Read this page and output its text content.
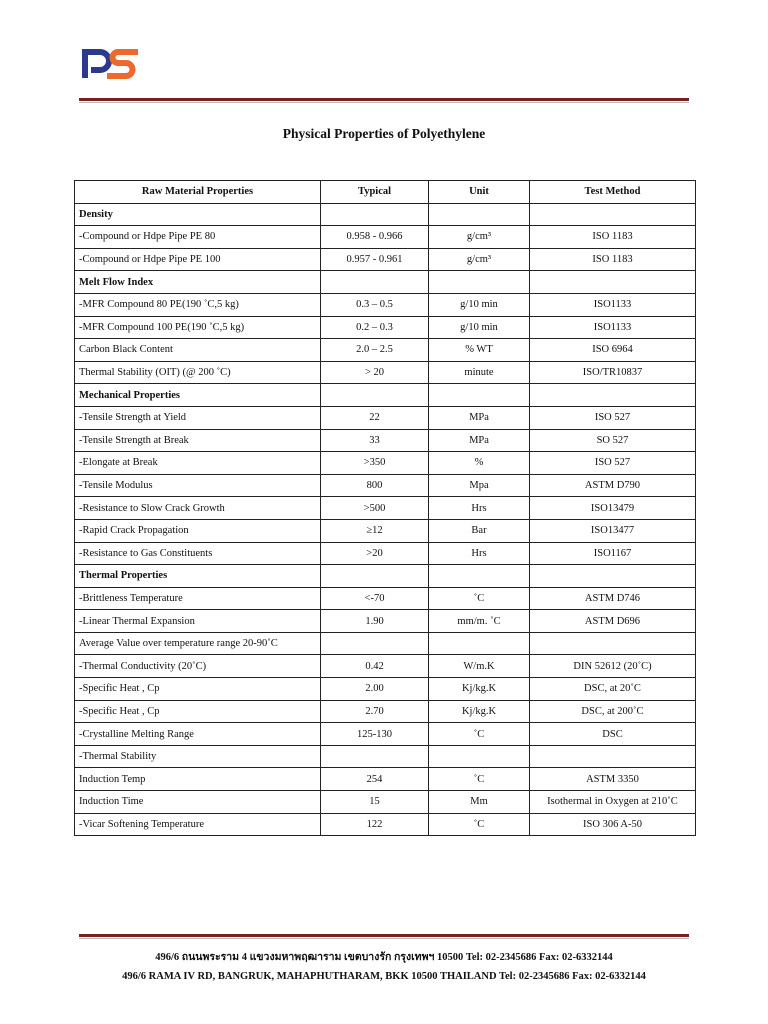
Physical Properties of Polyethylene
Raw Material Properties	Typical	Unit	Test Method
Density			
-Compound or Hdpe Pipe PE 80	0.958 - 0.966	g/cm³	ISO 1183
-Compound or Hdpe Pipe PE 100	0.957 - 0.961	g/cm³	ISO 1183
Melt Flow Index			
-MFR Compound 80 PE(190 ˚C,5 kg)	0.3 – 0.5	g/10 min	ISO1133
-MFR Compound 100 PE(190 ˚C,5 kg)	0.2 – 0.3	g/10 min	ISO1133
Carbon Black Content	2.0 – 2.5	% WT	ISO 6964
Thermal Stability (OIT) (@ 200 ˚C)	> 20	minute	ISO/TR10837
Mechanical Properties			
-Tensile Strength at Yield	22	MPa	ISO 527
-Tensile Strength at Break	33	MPa	SO 527
-Elongate at Break	>350	%	ISO 527
-Tensile Modulus	800	Mpa	ASTM D790
-Resistance to Slow Crack Growth	>500	Hrs	ISO13479
-Rapid Crack Propagation	≥12	Bar	ISO13477
-Resistance to Gas Constituents	>20	Hrs	ISO1167
Thermal Properties			
-Brittleness Temperature	<-70	˚C	ASTM D746
-Linear Thermal Expansion	1.90	mm/m. ˚C	ASTM D696
Average Value over temperature range 20-90˚C			
-Thermal Conductivity (20˚C)	0.42	W/m.K	DIN 52612 (20˚C)
-Specific Heat , Cp	2.00	Kj/kg.K	DSC, at 20˚C
-Specific Heat , Cp	2.70	Kj/kg.K	DSC, at 200˚C
-Crystalline Melting Range	125-130	˚C	DSC
-Thermal Stability			
Induction Temp	254	˚C	ASTM 3350
Induction Time	15	Mm	Isothermal in Oxygen at 210˚C
-Vicar Softening Temperature	122	˚C	ISO 306 A-50
496/6 ถนนพระราม 4 แขวงมหาพฤฒาราม เขตบางรัก กรุงเทพฯ 10500 Tel: 02-2345686 Fax: 02-6332144
496/6 RAMA IV RD, BANGRUK, MAHAPHUTHARAM, BKK 10500 THAILAND Tel: 02-2345686 Fax: 02-6332144
